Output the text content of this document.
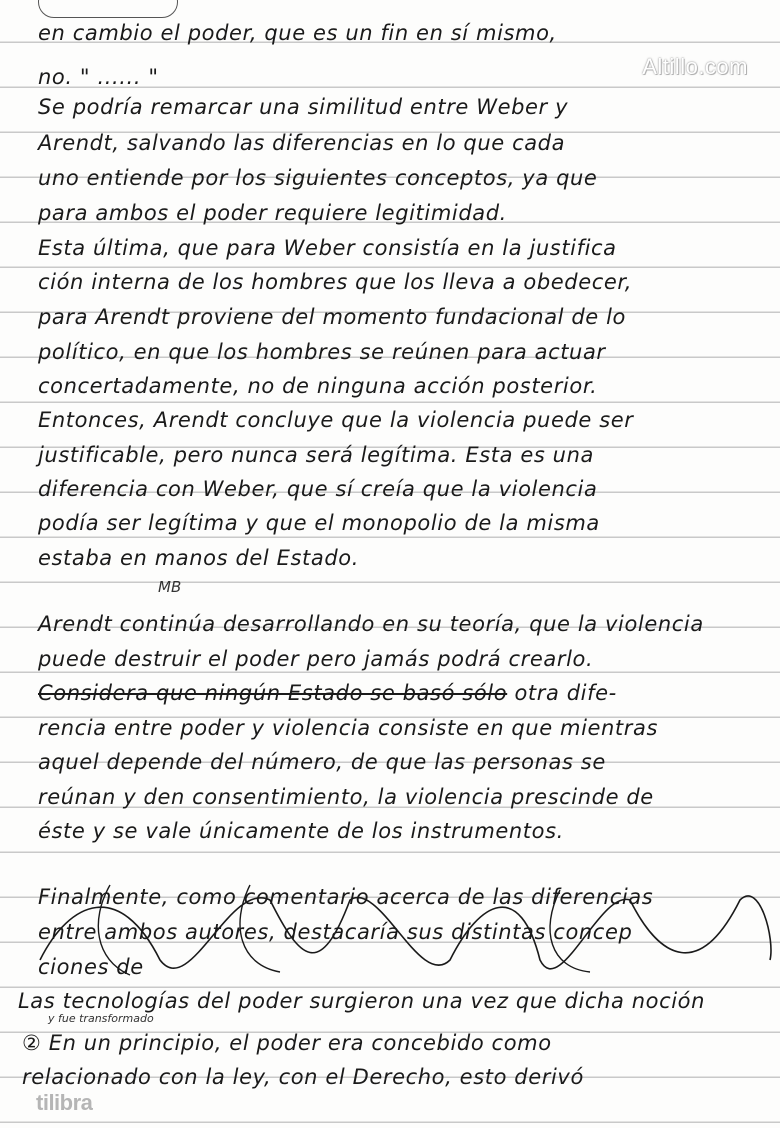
Altillo.com
en cambio el poder, que es un fin en sí mismo,
no. " ...... "
Se podría remarcar una similitud entre Weber y
Arendt, salvando las diferencias en lo que cada
uno entiende por los siguientes conceptos, ya que
para ambos el poder requiere legitimidad.
Esta última, que para Weber consistía en la justifica
ción interna de los hombres que los lleva a obedecer,
para Arendt proviene del momento fundacional de lo
político, en que los hombres se reúnen para actuar
concertadamente, no de ninguna acción posterior.
Entonces, Arendt concluye que la violencia puede ser
justificable, pero nunca será legítima. Esta es una
diferencia con Weber, que sí creía que la violencia
podía ser legítima y que el monopolio de la misma
estaba en manos del Estado.
MB
Arendt continúa desarrollando en su teoría, que la violencia
puede destruir el poder pero jamás podrá crearlo.
Considera que ningún Estado se basó sólo otra dife-
rencia entre poder y violencia consiste en que mientras
aquel depende del número, de que las personas se
reúnan y den consentimiento, la violencia prescinde de
éste y se vale únicamente de los instrumentos.
Finalmente, como comentario acerca de las diferencias
entre ambos autores, destacaría sus distintas concep
ciones de
Las tecnologías del poder surgieron una vez que dicha noción
y fue transformado
② En un principio, el poder era concebido como
relacionado con la ley, con el Derecho, esto derivó
tilibra
